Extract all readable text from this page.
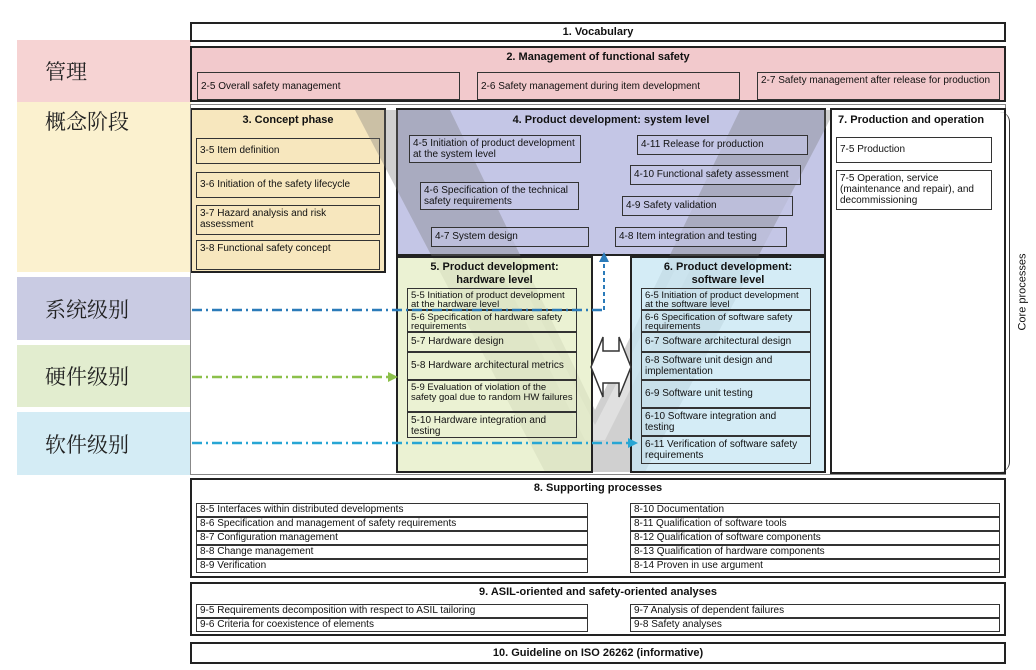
管理
概念阶段
系统级别
硬件级别
软件级别
1. Vocabulary
2. Management of functional safety
2-5 Overall safety management	2-6 Safety management during item development
2-7 Safety management after release for production
3. Concept phase
3-5 Item definition
3-6 Initiation of the safety lifecycle
3-7 Hazard analysis and risk assessment
3-8 Functional safety concept
4. Product development: system level
4-5 Initiation of product development at the system level
4-11 Release for production
4-10 Functional safety assessment
4-6 Specification of the technical safety requirements	4-9 Safety validation
4-7 System design	4-8 Item integration and testing
5. Product development: hardware level
5-5 Initiation of product development at the hardware level
5-6 Specification of hardware safety requirements
5-7 Hardware design
5-8 Hardware architectural metrics
5-9 Evaluation of violation of the safety goal due to random HW failures
5-10 Hardware integration and testing
6. Product development: software level
6-5 Initiation of product development at the software level
6-6 Specification of software safety requirements
6-7 Software architectural design
6-8 Software unit design and implementation
6-9 Software unit testing
6-10 Software integration and testing
6-11 Verification of software safety requirements
7. Production and operation
7-5 Production
7-5 Operation, service (maintenance and repair), and decommissioning
Core processes
8. Supporting processes
8-5 Interfaces within distributed developments
8-6 Specification and management of safety requirements
8-7 Configuration management
8-8 Change management
8-9 Verification
8-10 Documentation
8-11 Qualification of software tools
8-12 Qualification of software components
8-13 Qualification of hardware components
8-14 Proven in use argument
9. ASIL-oriented and safety-oriented analyses
9-5 Requirements decomposition with respect to ASIL tailoring
9-6 Criteria for coexistence of elements
9-7 Analysis of dependent failures
9-8 Safety analyses
10. Guideline on ISO 26262 (informative)
